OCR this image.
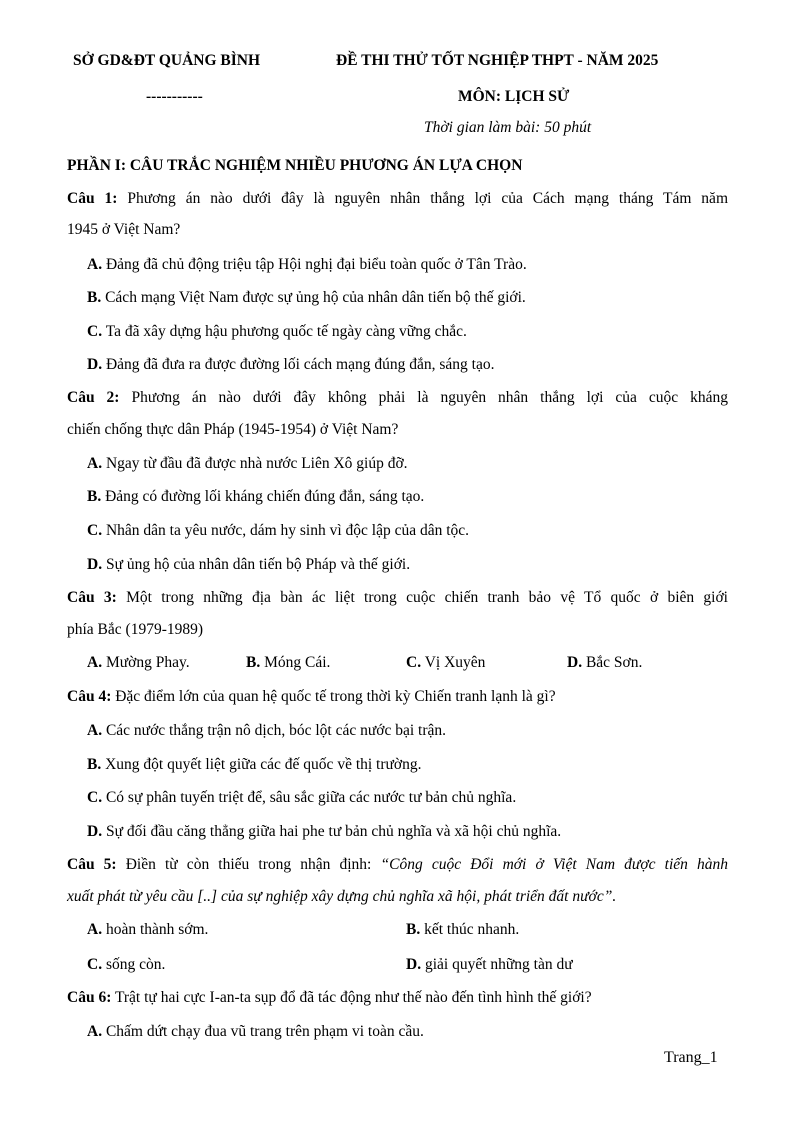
SỞ GD&ĐT QUẢNG BÌNH
-----------
ĐỀ THI THỬ TỐT NGHIỆP THPT - NĂM 2025
MÔN: LỊCH SỬ
Thời gian làm bài: 50 phút
PHẦN I: CÂU TRẮC NGHIỆM NHIỀU PHƯƠNG ÁN LỰA CHỌN
Câu 1: Phương án nào dưới đây là nguyên nhân thắng lợi của Cách mạng tháng Tám năm
1945 ở Việt Nam?
A. Đảng đã chủ động triệu tập Hội nghị đại biểu toàn quốc ở Tân Trào.
B. Cách mạng Việt Nam được sự ủng hộ của nhân dân tiến bộ thế giới.
C. Ta đã xây dựng hậu phương quốc tế ngày càng vững chắc.
D. Đảng đã đưa ra được đường lối cách mạng đúng đắn, sáng tạo.
Câu 2: Phương án nào dưới đây không phải là nguyên nhân thắng lợi của cuộc kháng
chiến chống thực dân Pháp (1945-1954) ở Việt Nam?
A. Ngay từ đầu đã được nhà nước Liên Xô giúp đỡ.
B. Đảng có đường lối kháng chiến đúng đắn, sáng tạo.
C. Nhân dân ta yêu nước, dám hy sinh vì độc lập của dân tộc.
D. Sự ủng hộ của nhân dân tiến bộ Pháp và thế giới.
Câu 3: Một trong những địa bàn ác liệt trong cuộc chiến tranh bảo vệ Tổ quốc ở biên giới
phía Bắc (1979-1989)
A. Mường Phay.	B. Móng Cái.	C. Vị Xuyên	D. Bắc Sơn.
Câu 4: Đặc điểm lớn của quan hệ quốc tế trong thời kỳ Chiến tranh lạnh là gì?
A. Các nước thắng trận nô dịch, bóc lột các nước bại trận.
B. Xung đột quyết liệt giữa các đế quốc về thị trường.
C. Có sự phân tuyến triệt để, sâu sắc giữa các nước tư bản chủ nghĩa.
D. Sự đối đầu căng thẳng giữa hai phe tư bản chủ nghĩa và xã hội chủ nghĩa.
Câu 5: Điền từ còn thiếu trong nhận định: “Công cuộc Đổi mới ở Việt Nam được tiến hành
xuất phát từ yêu cầu [..] của sự nghiệp xây dựng chủ nghĩa xã hội, phát triển đất nước”.
A. hoàn thành sớm.	B. kết thúc nhanh.
C. sống còn.	D. giải quyết những tàn dư
Câu 6: Trật tự hai cực I-an-ta sụp đổ đã tác động như thế nào đến tình hình thế giới?
A. Chấm dứt chạy đua vũ trang trên phạm vi toàn cầu.
Trang_1
